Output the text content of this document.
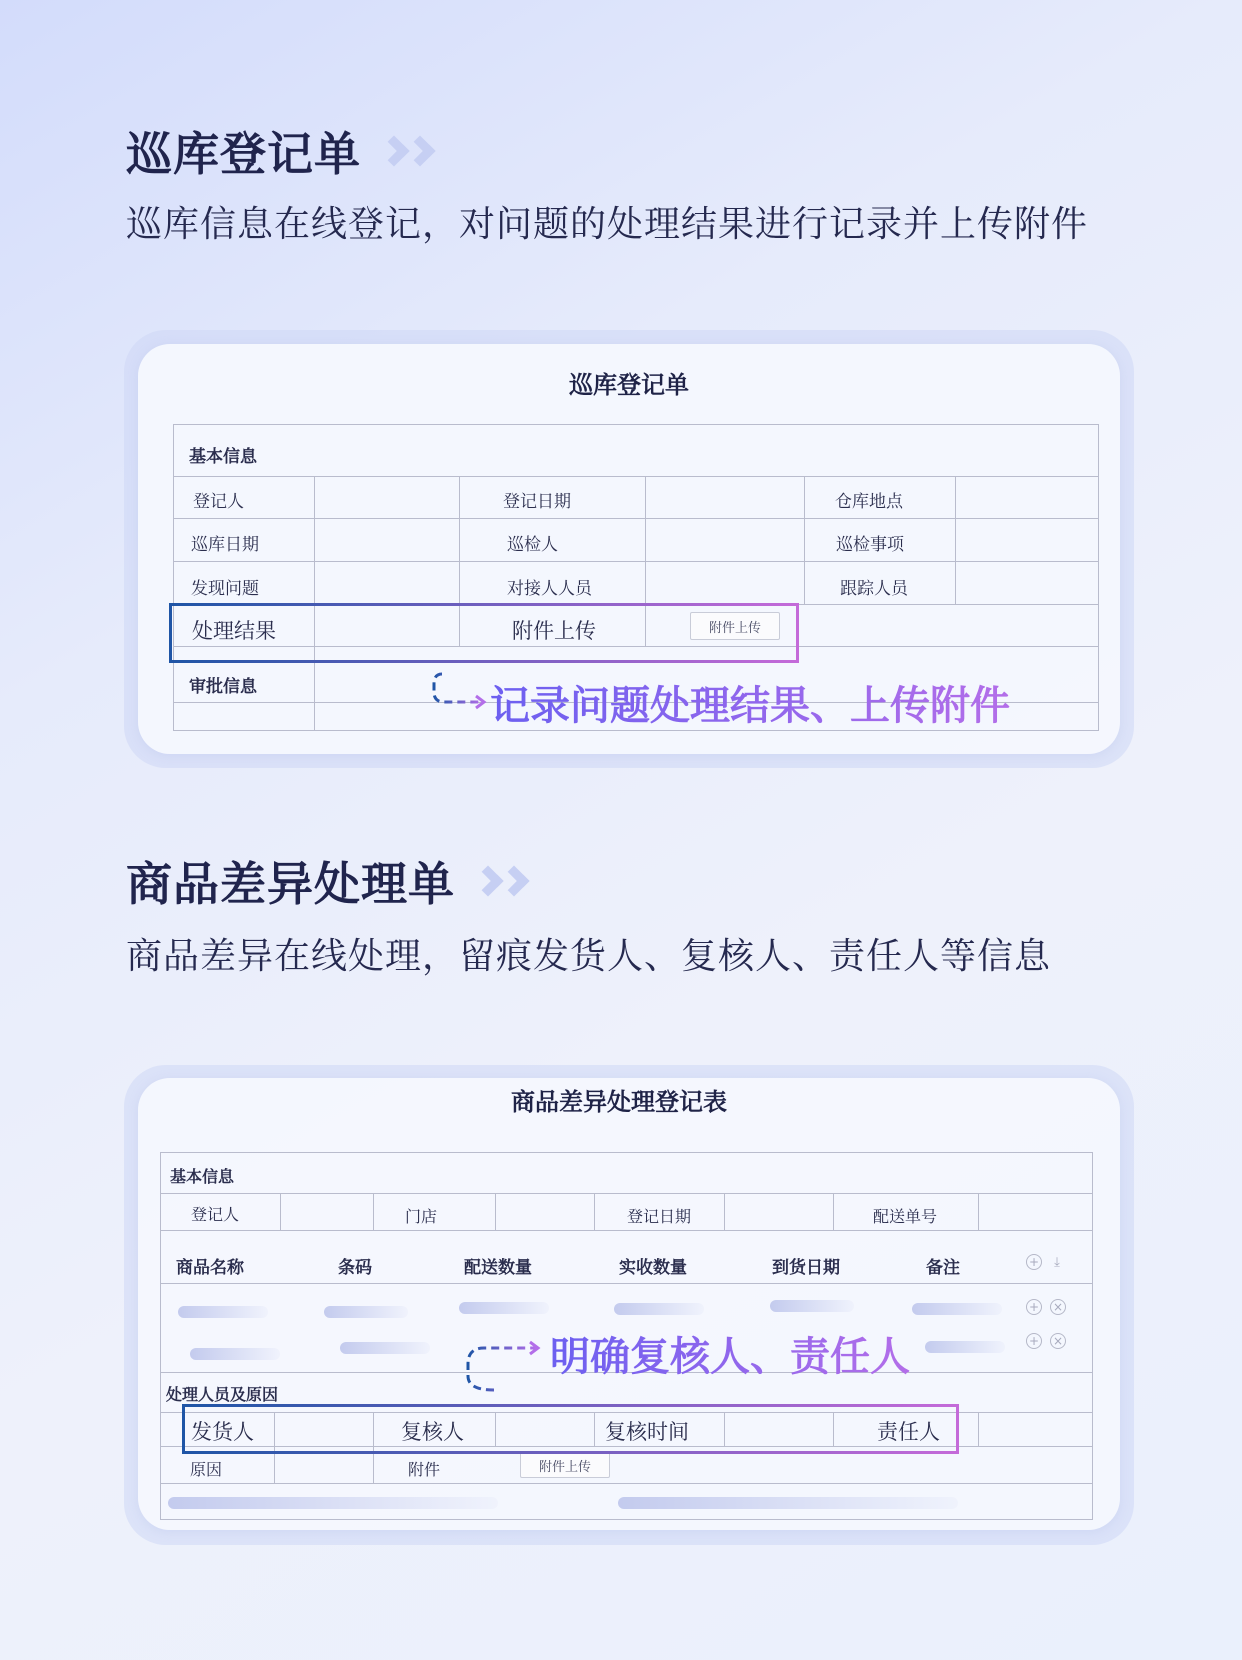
巡库登记单
巡库信息在线登记，对问题的处理结果进行记录并上传附件
巡库登记单
基本信息
登记人	登记日期	仓库地点
巡库日期	巡检人	巡检事项
发现问题	对接人人员	跟踪人员
处理结果	附件上传	附件上传
审批信息	记录问题处理结果、上传附件
商品差异处理单
商品差异在线处理，留痕发货人、复核人、责任人等信息
商品差异处理登记表
基本信息
登记人	门店	登记日期	配送单号
商品名称	条码	配送数量	实收数量	到货日期	备注	+	⤓
+ ×
+ ×
处理人员及原因
发货人	复核人	复核时间	责任人
原因	附件	附件上传
明确复核人、责任人
